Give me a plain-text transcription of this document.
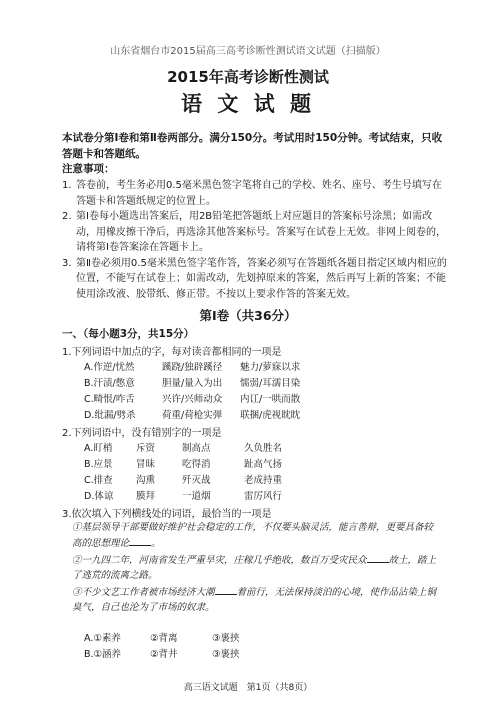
山东省烟台市2015届高三高考诊断性测试语文试题（扫描版）
2015年高考诊断性测试
语 文 试 题
本试卷分第Ⅰ卷和第Ⅱ卷两部分。满分150分。考试用时150分钟。考试结束，只收答题卡和答题纸。
注意事项：
1. 答卷前，考生务必用0.5毫米黑色签字笔将自己的学校、姓名、座号、考生号填写在答题卡和答题纸规定的位置上。
2. 第Ⅰ卷每小题选出答案后，用2B铅笔把答题纸上对应题目的答案标号涂黑；如需改动，用橡皮擦干净后，再选涂其他答案标号。答案写在试卷上无效。非网上阅卷的，请将第Ⅰ卷答案涂在答题卡上。
3. 第Ⅱ卷必须用0.5毫米黑色签字笔作答，答案必须写在答题纸各题目指定区域内相应的位置，不能写在试卷上；如需改动，先划掉原来的答案，然后再写上新的答案；不能使用涂改液、胶带纸、修正带。不按以上要求作答的答案无效。
第Ⅰ卷（共36分）
一、（每小题3分，共15分）
1.下列词语中加点的字，每对读音都相同的一项是
A.作逆/忧然	蹊跷/独辟蹊径 魅力/萝寐以求
B.汗渍/憋意	胆量/量入为出 懦弱/耳濡目染
C.畸恨/咋舌	兴许/兴师动众 内讧/一哄而散
D.纰漏/劈杀	荷重/荷枪实弹 联捆/虎视眈眈
2.下列词语中，没有错别字的一项是
A.盯梢 斥资	制高点	久负胜名
B.应景 冒昧	吃得消	趾高气扬
C.排查 沟熏	歼灭战	老成持重
D.体谅 膜拜	一道烟	雷厉风行
3.依次填入下列横线处的词语，最恰当的一项是
①基层领导干部要做好维护社会稳定的工作，不仅要头脑灵活，能言善辩，更要具备较高的思想理论 。
②一九四二年，河南省发生严重旱灾，庄稼几乎绝收，数百万受灾民众 故土，踏上了逃荒的流离之路。
③不少文艺工作者被市场经济大潮 着前行，无法保持淡泊的心境，使作品沾染上铜臭气，自己也沦为了市场的奴隶。
A.①素养	②背离	③裹挟
B.①涵养	②背井	③裹挟
高三语文试题　第1页（共8页）
